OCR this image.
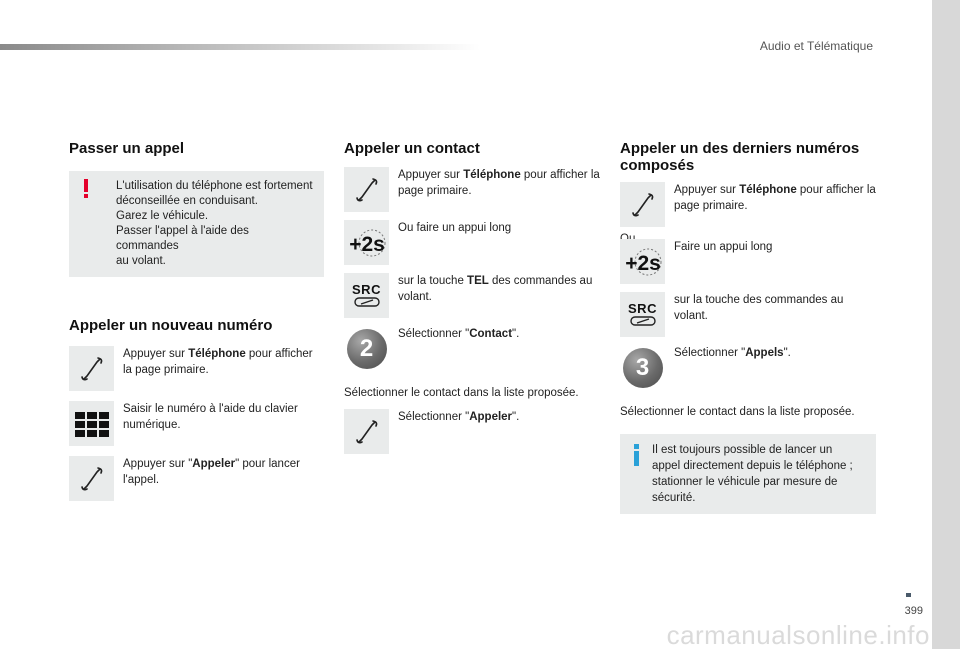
Audio et Télématique
399
carmanualsonline.info
Passer un appel
L'utilisation du téléphone est fortement
déconseillée en conduisant.
Garez le véhicule.
Passer l'appel à l'aide des commandes
au volant.
Appeler un nouveau numéro
Appuyer sur Téléphone pour afficher la page primaire.
Saisir le numéro à l'aide du clavier numérique.
Appuyer sur "Appeler" pour lancer l'appel.
Appeler un contact
Appuyer sur Téléphone pour afficher la page primaire.
+2s
Ou faire un appui long
SRC
sur la touche TEL des commandes au volant.
2
Sélectionner "Contact".
Sélectionner le contact dans la liste proposée.
Sélectionner "Appeler".
Appeler un des derniers numéros
composés
Appuyer sur Téléphone pour afficher la page primaire.
+2s
Faire un appui long
SRC
sur la touche des commandes au volant.
3
Sélectionner "Appels".
Sélectionner le contact dans la liste proposée.
Il est toujours possible de lancer un
appel directement depuis le téléphone ;
stationner le véhicule par mesure de
sécurité.
